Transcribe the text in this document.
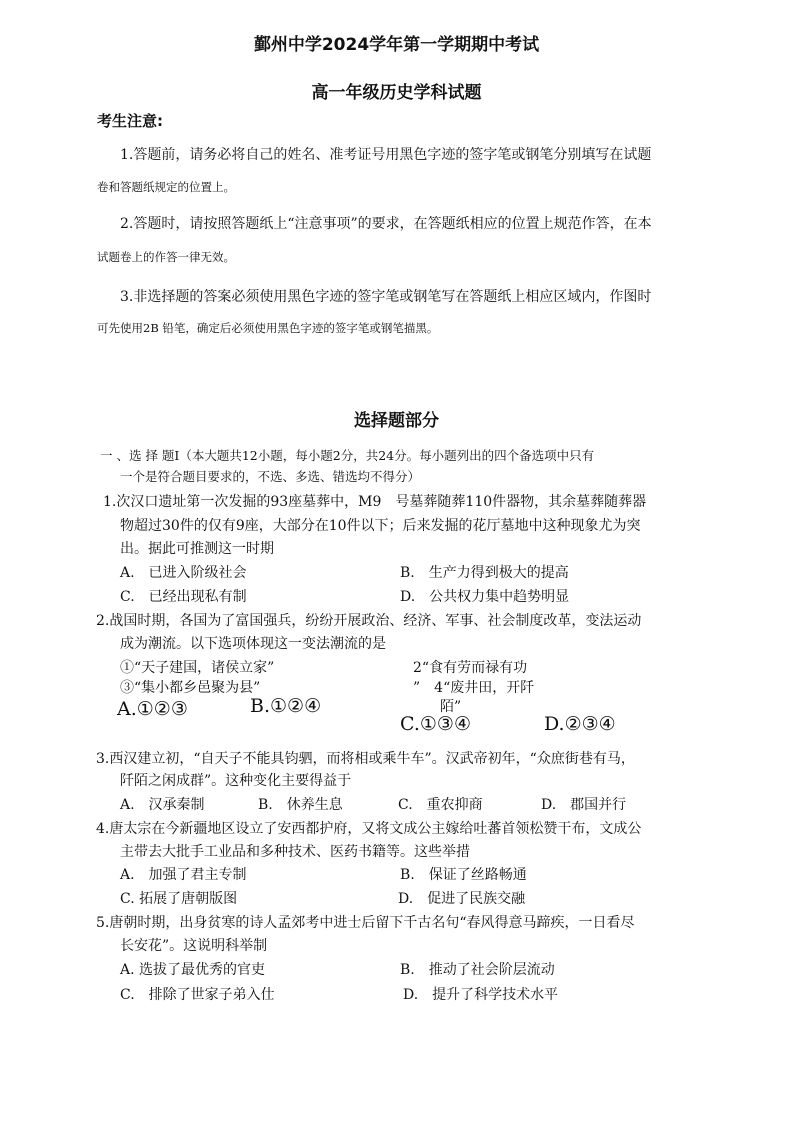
鄞州中学2024学年第一学期期中考试
高一年级历史学科试题
考生注意:
1.答题前，请务必将自己的姓名、准考证号用黑色字迹的签字笔或钢笔分别填写在试题
卷和答题纸规定的位置上。
2.答题时，请按照答题纸上“注意事项”的要求，在答题纸相应的位置上规范作答，在本
试题卷上的作答一律无效。
3.非选择题的答案必须使用黑色字迹的签字笔或钢笔写在答题纸上相应区域内，作图时
可先使用2B 铅笔，确定后必须使用黑色字迹的签字笔或钢笔描黑。
选择题部分
一 、选 择 题I（本大题共12小题，每小题2分，共24分。每小题列出的四个备选项中只有
一个是符合题目要求的，不选、多选、错选均不得分）
1.次汉口遗址第一次发掘的93座墓葬中，M9　号墓葬随葬110件器物，其余墓葬随葬器
物超过30件的仅有9座，大部分在10件以下；后来发掘的花厅墓地中这种现象尤为突
出。据此可推测这一时期
A.　已进入阶级社会	B.　生产力得到极大的提高
C.　已经出现私有制	D.　公共权力集中趋势明显
2.战国时期，各国为了富国强兵，纷纷开展政治、经济、军事、社会制度改革，变法运动
成为潮流。以下选项体现这一变法潮流的是
①“天子建国，诸侯立家”	2“食有劳而禄有功
③“集小都乡邑聚为县”	”　4“废井田，开阡
陌”
A.①②③	B.①②④
C.①③④	D.②③④
3.西汉建立初，“自天子不能具钧驷，而将相或乘牛车”。汉武帝初年，“众庶街巷有马，
阡陌之闲成群”。这种变化主要得益于
A.　汉承秦制	B.　休养生息	C.　重农抑商	D.　郡国并行
4.唐太宗在今新疆地区设立了安西都护府，又将文成公主嫁给吐蕃首领松赞干布，文成公
主带去大批手工业品和多种技术、医药书籍等。这些举措
A.　加强了君主专制	B.　保证了丝路畅通
C. 拓展了唐朝版图	D.　促进了民族交融
5.唐朝时期，出身贫寒的诗人孟郊考中进士后留下千古名句“春风得意马蹄疾，一日看尽
长安花”。这说明科举制
A. 选拔了最优秀的官吏	B.　推动了社会阶层流动
C.　排除了世家子弟入仕	D.　提升了科学技术水平
